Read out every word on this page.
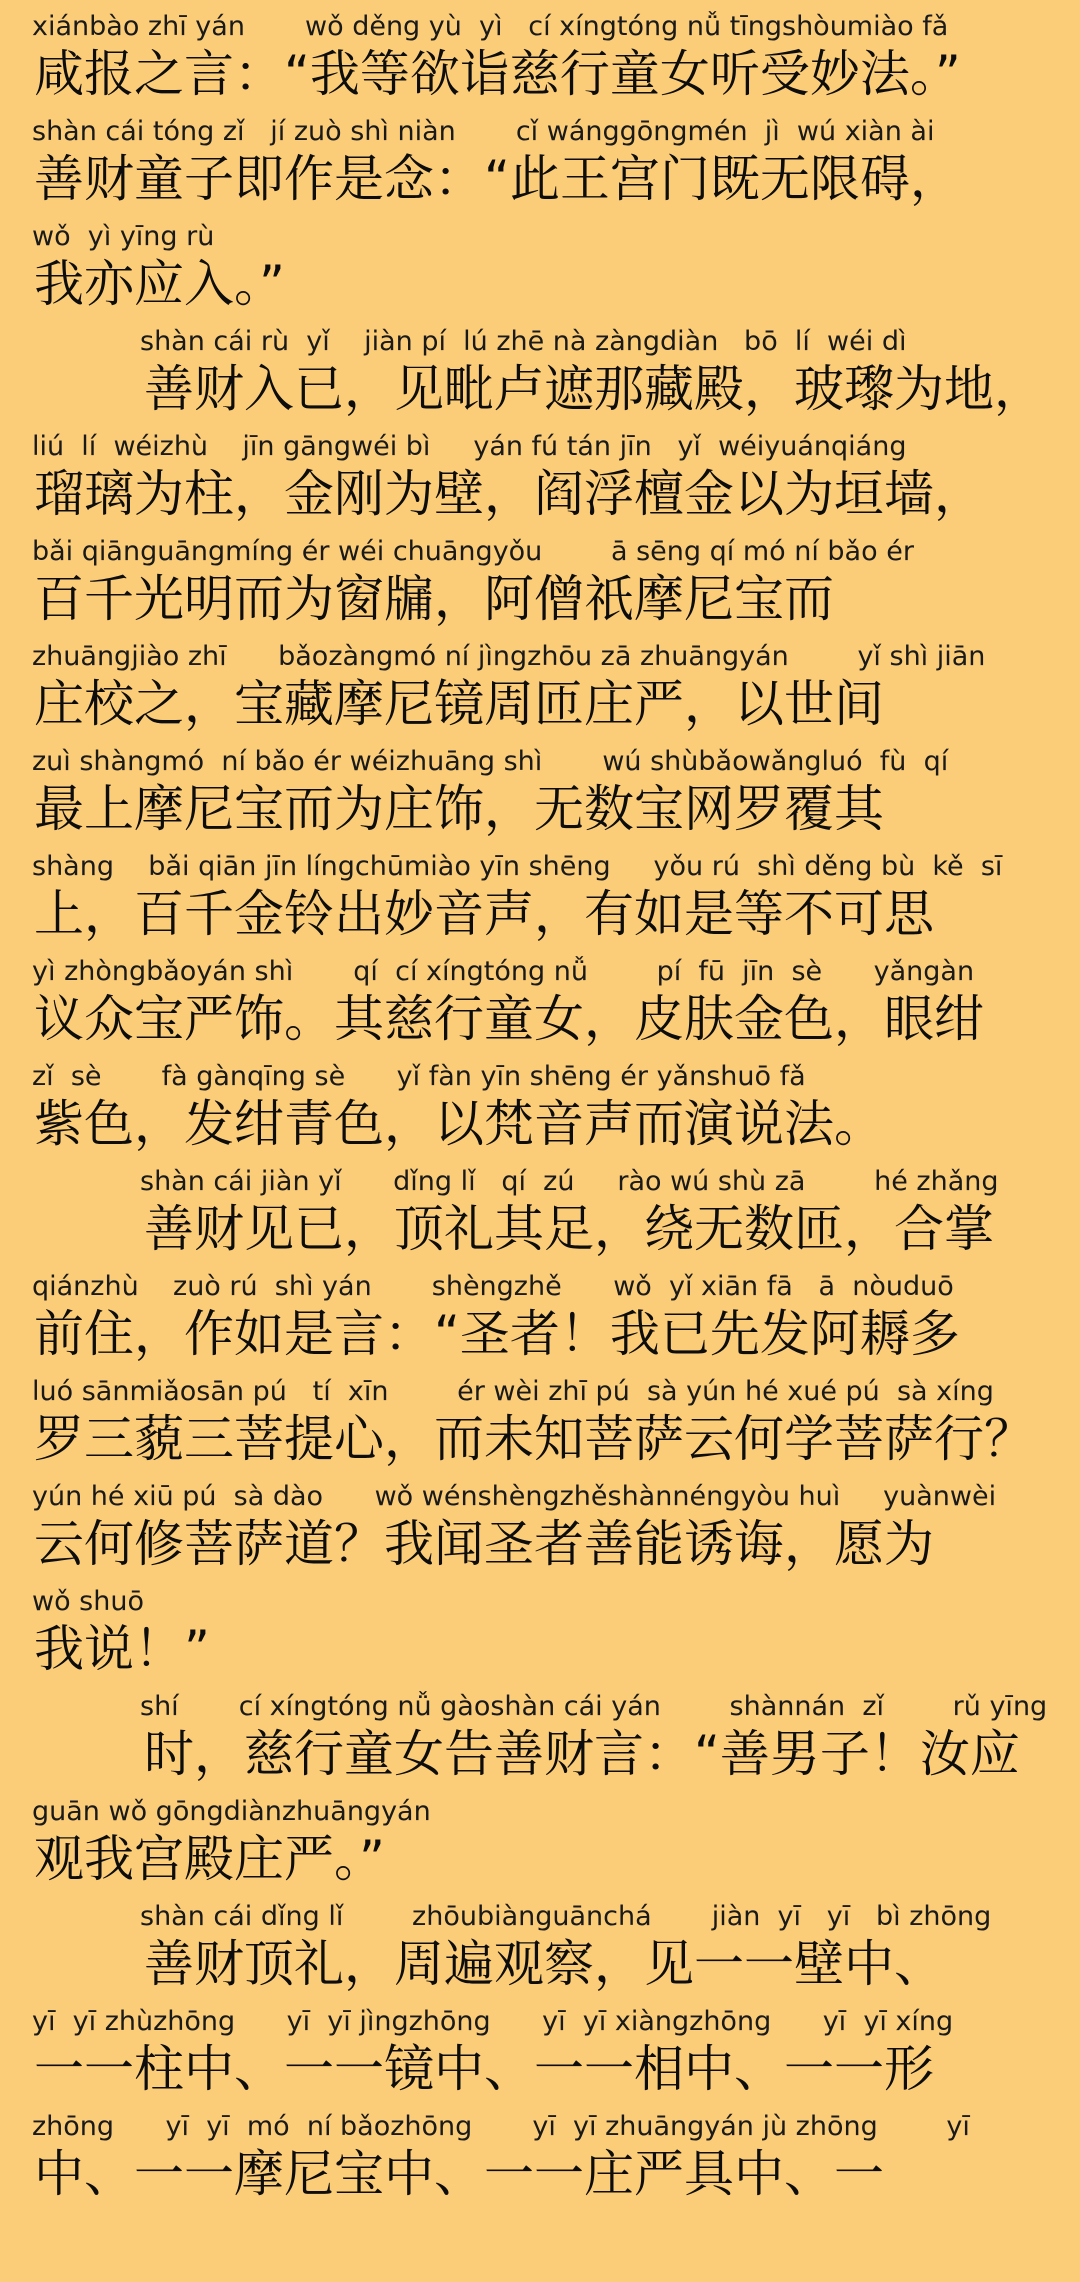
xiánbào zhī yán       wǒ děng yù  yì   cí xíngtóng nǚ tīngshòumiào fǎ
咸报之言：“我等欲诣慈行童女听受妙法。”
shàn cái tóng zǐ   jí zuò shì niàn       cǐ wánggōngmén  jì  wú xiàn ài
善财童子即作是念：“此王宫门既无限碍，
wǒ  yì yīng rù
我亦应入。”
shàn cái rù  yǐ    jiàn pí  lú zhē nà zàngdiàn   bō  lí  wéi dì
善财入已，见毗卢遮那藏殿，玻瓈为地，
liú  lí  wéizhù    jīn gāngwéi bì     yán fú tán jīn   yǐ  wéiyuánqiáng
瑠璃为柱，金刚为壁，阎浮檀金以为垣墙，
bǎi qiānguāngmíng ér wéi chuāngyǒu        ā sēng qí mó ní bǎo ér
百千光明而为窗牖，阿僧祇摩尼宝而
zhuāngjiào zhī      bǎozàngmó ní jìngzhōu zā zhuāngyán        yǐ shì jiān
庄校之，宝藏摩尼镜周匝庄严，以世间
zuì shàngmó  ní bǎo ér wéizhuāng shì       wú shùbǎowǎngluó  fù  qí
最上摩尼宝而为庄饰，无数宝网罗覆其
shàng    bǎi qiān jīn língchūmiào yīn shēng     yǒu rú  shì děng bù  kě  sī
上，百千金铃出妙音声，有如是等不可思
yì zhòngbǎoyán shì       qí  cí xíngtóng nǚ        pí  fū  jīn  sè      yǎngàn
议众宝严饰。其慈行童女，皮肤金色，眼绀
zǐ  sè       fà gànqīng sè      yǐ fàn yīn shēng ér yǎnshuō fǎ
紫色，发绀青色，以梵音声而演说法。
shàn cái jiàn yǐ      dǐng lǐ   qí  zú     rào wú shù zā        hé zhǎng
善财见已，顶礼其足，绕无数匝，合掌
qiánzhù    zuò rú  shì yán       shèngzhě      wǒ  yǐ xiān fā   ā  nòuduō
前住，作如是言：“圣者！我已先发阿耨多
luó sānmiǎosān pú   tí  xīn        ér wèi zhī pú  sà yún hé xué pú  sà xíng
罗三藐三菩提心，而未知菩萨云何学菩萨行？
yún hé xiū pú  sà dào      wǒ wénshèngzhěshànnéngyòu huì     yuànwèi
云何修菩萨道？我闻圣者善能诱诲，愿为
wǒ shuō
我说！”
shí       cí xíngtóng nǚ gàoshàn cái yán        shànnán  zǐ        rǔ yīng
时，慈行童女告善财言：“善男子！汝应
guān wǒ gōngdiànzhuāngyán
观我宫殿庄严。”
shàn cái dǐng lǐ        zhōubiànguānchá       jiàn  yī   yī   bì zhōng
善财顶礼，周遍观察，见一一壁中、
yī  yī zhùzhōng      yī  yī jìngzhōng      yī  yī xiàngzhōng      yī  yī xíng
一一柱中、一一镜中、一一相中、一一形
zhōng      yī  yī  mó  ní bǎozhōng       yī  yī zhuāngyán jù zhōng        yī
中、一一摩尼宝中、一一庄严具中、一
